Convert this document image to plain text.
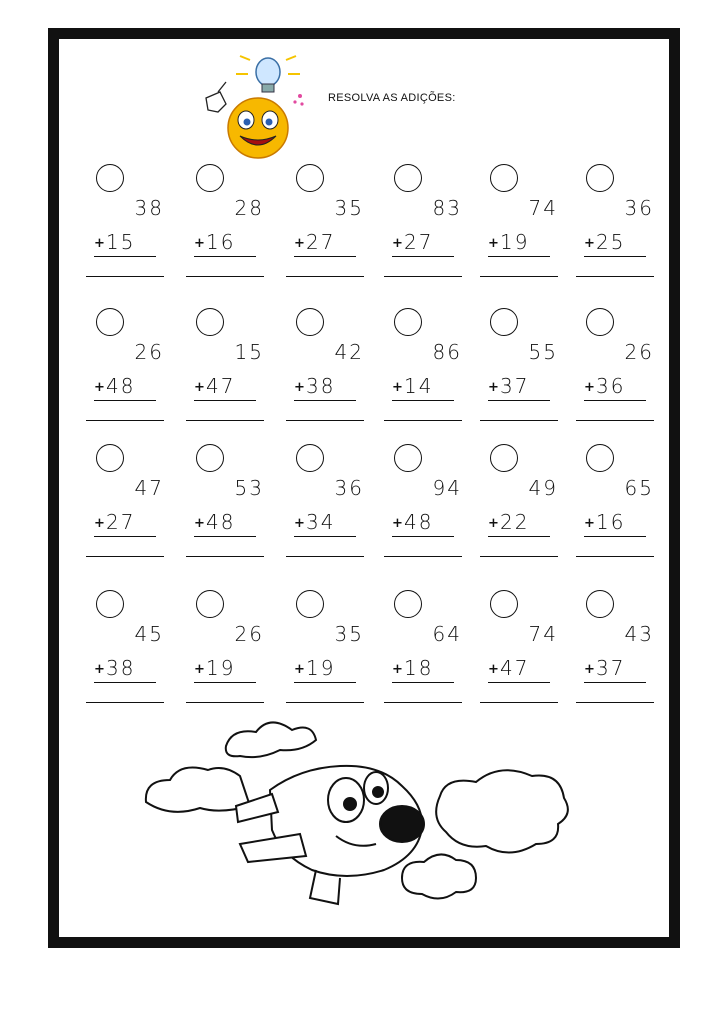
RESOLVA AS ADIÇÕES:
38
+ 15
28
+ 16
35
+ 27
83
+ 27
74
+ 19
36
+ 25
26
+ 48
15
+ 47
42
+ 38
86
+ 14
55
+ 37
26
+ 36
47
+ 27
53
+ 48
36
+ 34
94
+ 48
49
+ 22
65
+ 16
45
+ 38
26
+ 19
35
+ 19
64
+ 18
74
+ 47
43
+ 37
